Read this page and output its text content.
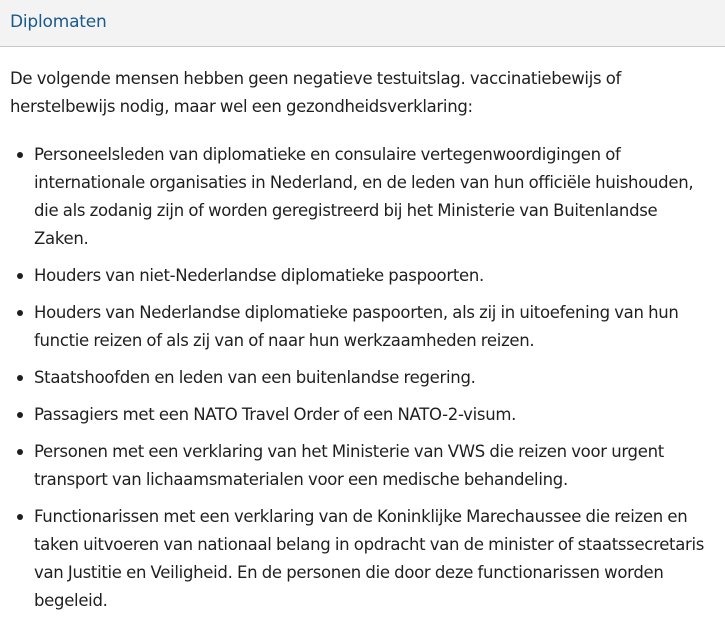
Diplomaten

De volgende mensen hebben geen negatieve testuitslag. vaccinatiebewijs of herstelbewijs nodig, maar wel een gezondheidsverklaring:

Personeelsleden van diplomatieke en consulaire vertegenwoordigingen of internationale organisaties in Nederland, en de leden van hun officiële huishouden, die als zodanig zijn of worden geregistreerd bij het Ministerie van Buitenlandse Zaken.
Houders van niet-Nederlandse diplomatieke paspoorten.
Houders van Nederlandse diplomatieke paspoorten, als zij in uitoefening van hun functie reizen of als zij van of naar hun werkzaamheden reizen.
Staatshoofden en leden van een buitenlandse regering.
Passagiers met een NATO Travel Order of een NATO-2-visum.
Personen met een verklaring van het Ministerie van VWS die reizen voor urgent transport van lichaamsmaterialen voor een medische behandeling.
Functionarissen met een verklaring van de Koninklijke Marechaussee die reizen en taken uitvoeren van nationaal belang in opdracht van de minister of staatssecretaris van Justitie en Veiligheid. En de personen die door deze functionarissen worden begeleid.
